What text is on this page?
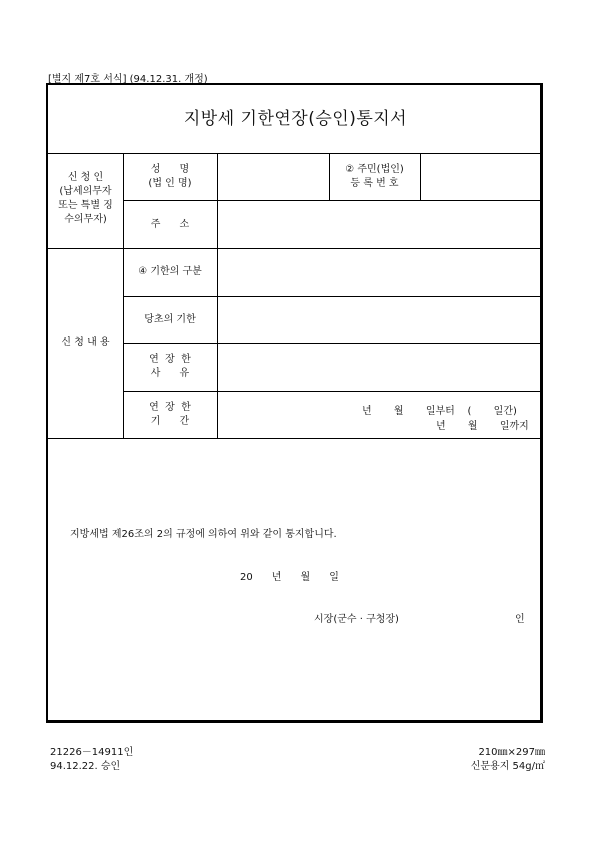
[별지 제7호 서식] (94.12.31. 개정)
지방세 기한연장(승인)통지서
신 청 인
(납세의무자
또는 특별 징
수의무자)
성      명
(법 인 명)
② 주민(법인)
등 록 번 호
주      소
신 청 내 용
④ 기한의 구분
당초의 기한
연  장  한
사      유
연  장  한
기      간
년       월       일부터    (       일간)
년       월       일까지
지방세법 제26조의 2의 규정에 의하여 위와 같이 통지합니다.
20      년      월      일
시장(군수 · 구청장)	인
21226－14911인
94.12.22. 승인
210㎜×297㎜
신문용지 54g/㎡
